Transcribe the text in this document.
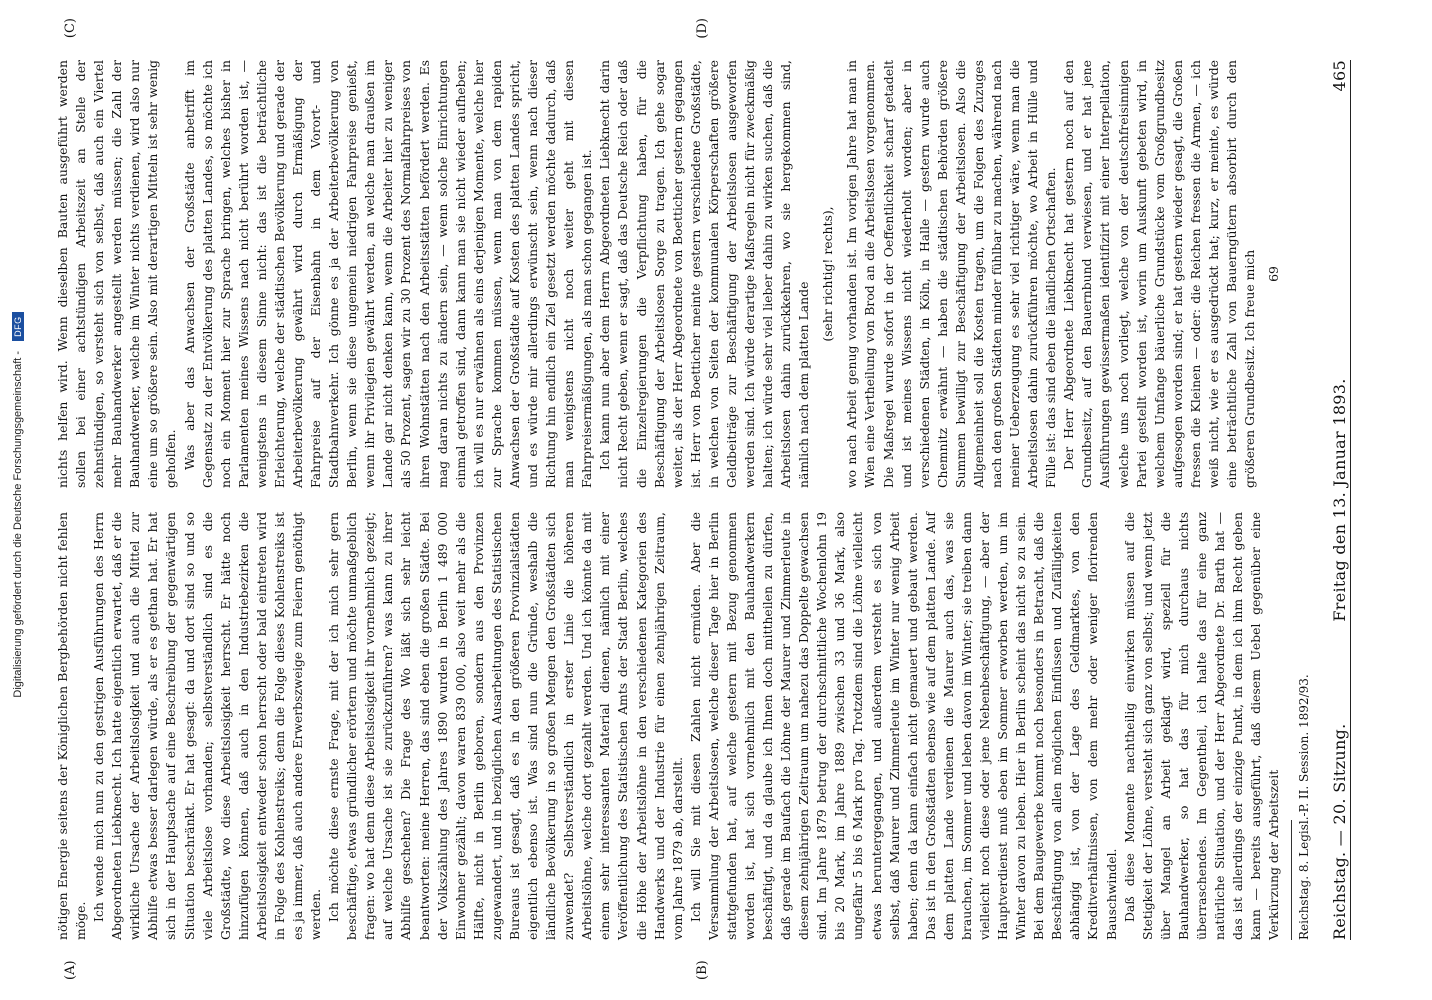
Digitalisierung gefördert durch die Deutsche Forschungsgemeinschaft -
DFG
(A)	(B)

nötigen Energie seitens der Königlichen Bergbehörden nicht fehlen möge. Ich wende mich nun zu den gestrigen Ausführungen des Herrn Abgeordneten Liebknecht. Ich hatte eigentlich erwartet, daß er die wirkliche Ursache der Arbeitslosigkeit und auch die Mittel zur Abhilfe etwas besser darlegen würde, als er es gethan hat. Er hat sich in der Hauptsache auf eine Beschreibung der gegenwärtigen Situation beschränkt. Er hat gesagt: da und dort sind so und so viele Arbeitslose vorhanden; selbstverständlich sind es die Großstädte, wo diese Arbeitslosigkeit herrscht. Er hätte noch hinzufügen können, daß auch in den Industriebezirken die Arbeitslosigkeit entweder schon herrscht oder bald eintreten wird in Folge des Kohlenstreiks; denn die Folge dieses Kohlenstreiks ist es ja immer, daß auch andere Erwerbszweige zum Feiern genöthigt werden. Ich möchte diese ernste Frage, mit der ich mich sehr gern beschäftige, etwas gründlicher erörtern und möchte unmaßgeblich fragen: wo hat denn diese Arbeitslosigkeit ihr vornehmlich gezeigt; auf welche Ursache ist sie zurückzuführen? was kann zu ihrer Abhilfe geschehen? Die Frage des Wo läßt sich sehr leicht beantworten: meine Herren, das sind eben die großen Städte. Bei der Volkszählung des Jahres 1890 wurden in Berlin 1 489 000 Einwohner gezählt; davon waren 839 000, also weit mehr als die Hälfte, nicht in Berlin geboren, sondern aus den Provinzen zugewandert, und in bezüglichen Ausarbeitungen des Statistischen Bureaus ist gesagt, daß es in den größeren Provinzialstädten eigentlich ebenso ist. Was sind nun die Gründe, weshalb die ländliche Bevölkerung in so großen Mengen den Großstädten sich zuwendet? Selbstverständlich in erster Linie die höheren Arbeitslöhne, welche dort gezahlt werden. Und ich könnte da mit einem sehr interessanten Material dienen, nämlich mit einer Veröffentlichung des Statistischen Amts der Stadt Berlin, welches die Höhe der Arbeitslöhne in den verschiedenen Kategorien des Handwerks und der Industrie für einen zehnjährigen Zeitraum, vom Jahre 1879 ab, darstellt. Ich will Sie mit diesen Zahlen nicht ermüden. Aber die Versammlung der Arbeitslosen, welche dieser Tage hier in Berlin stattgefunden hat, auf welche gestern mit Bezug genommen worden ist, hat sich vornehmlich mit den Bauhandwerkern beschäftigt, und da glaube ich Ihnen doch mittheilen zu dürfen, daß gerade im Baufach die Löhne der Maurer und Zimmerleute in diesem zehnjährigen Zeitraum um nahezu das Doppelte gewachsen sind. Im Jahre 1879 betrug der durchschnittliche Wochenlohn 19 bis 20 Mark, im Jahre 1889 zwischen 33 und 36 Mark, also ungefähr 5 bis 6 Mark pro Tag. Trotzdem sind die Löhne vielleicht etwas heruntergegangen, und außerdem versteht es sich von selbst, daß Maurer und Zimmerleute im Winter nur wenig Arbeit haben; denn da kann einfach nicht gemauert und gebaut werden. Das ist in den Großstädten ebenso wie auf dem platten Lande. Auf dem platten Lande verdienen die Maurer auch das, was sie brauchen, im Sommer und leben davon im Winter; sie treiben dann vielleicht noch diese oder jene Nebenbeschäftigung, — aber der Hauptverdienst muß eben im Sommer erworben werden, um im Winter davon zu leben. Hier in Berlin scheint das nicht so zu sein. Bei dem Baugewerbe kommt noch besonders in Betracht, daß die Beschäftigung von allen möglichen Einflüssen und Zufälligkeiten abhängig ist, von der Lage des Geldmarktes, von den Kreditverhältnissen, von dem mehr oder weniger florirenden Bauschwindel. Daß diese Momente nachtheilig einwirken müssen auf die Stetigkeit der Löhne, versteht sich ganz von selbst; und wenn jetzt über Mangel an Arbeit geklagt wird, speziell für die Bauhandwerker, so hat das für mich durchaus nichts überraschendes. Im Gegentheil, ich halte das für eine ganz natürliche Situation, und der Herr Abgeordnete Dr. Barth hat — das ist allerdings der einzige Punkt, in dem ich ihm Recht geben kann — bereits ausgeführt, daß diesem Uebel gegenüber eine Verkürzung der Arbeitszeit Reichstag. 8. Legisl.-P. II. Session. 1892/93.
(C)	(D)

nichts helfen wird. Wenn dieselben Bauten ausgeführt werden sollen bei einer achtstündigen Arbeitszeit an Stelle der zehnstündigen, so versteht sich von selbst, daß auch ein Viertel mehr Bauhandwerker angestellt werden müssen; die Zahl der Bauhandwerker, welche im Winter nichts verdienen, wird also nur eine um so größere sein. Also mit derartigen Mitteln ist sehr wenig geholfen. Was aber das Anwachsen der Großstädte anbetrifft im Gegensatz zu der Entvölkerung des platten Landes, so möchte ich noch ein Moment hier zur Sprache bringen, welches bisher in Parlamenten meines Wissens nach nicht berührt worden ist, — wenigstens in diesem Sinne nicht: das ist die beträchtliche Erleichterung, welche der städtischen Bevölkerung und gerade der Arbeiterbevölkerung gewährt wird durch Ermäßigung der Fahrpreise auf der Eisenbahn in dem Vorort- und Stadtbahnverkehr. Ich gönne es ja der Arbeiterbevölkerung von Berlin, wenn sie diese ungemein niedrigen Fahrpreise genießt, wenn ihr Privilegien gewährt werden, an welche man draußen im Lande gar nicht denken kann, wenn die Arbeiter hier zu weniger als 50 Prozent, sagen wir zu 30 Prozent des Normalfahrpreises von ihren Wohnstätten nach den Arbeitsstätten befördert werden. Es mag daran nichts zu ändern sein, — wenn solche Einrichtungen einmal getroffen sind, dann kann man sie nicht wieder aufheben; ich will es nur erwähnen als eins derjenigen Momente, welche hier zur Sprache kommen müssen, wenn man von dem rapiden Anwachsen der Großstädte auf Kosten des platten Landes spricht, und es würde mir allerdings erwünscht sein, wenn nach dieser Richtung hin endlich ein Ziel gesetzt werden möchte dadurch, daß man wenigstens nicht noch weiter geht mit diesen Fahrpreisermäßigungen, als man schon gegangen ist. Ich kann nun aber dem Herrn Abgeordneten Liebknecht darin nicht Recht geben, wenn er sagt, daß das Deutsche Reich oder daß die Einzelregierungen die Verpflichtung haben, für die Beschäftigung der Arbeitslosen Sorge zu tragen. Ich gehe sogar weiter, als der Herr Abgeordnete von Boetticher gestern gegangen ist. Herr von Boetticher meinte gestern verschiedene Großstädte, in welchen von Seiten der kommunalen Körperschaften größere Geldbeiträge zur Beschäftigung der Arbeitslosen ausgeworfen werden sind. Ich würde derartige Maßregeln nicht für zweckmäßig halten; ich würde sehr viel lieber dahin zu wirken suchen, daß die Arbeitslosen dahin zurückkehren, wo sie hergekommen sind, nämlich nach dem platten Lande

(sehr richtig! rechts), wo nach Arbeit genug vorhanden ist. Im vorigen Jahre hat man in Wien eine Vertheilung von Brod an die Arbeitslosen vorgenommen. Die Maßregel wurde sofort in der Oeffentlichkeit scharf getadelt und ist meines Wissens nicht wiederholt worden; aber in verschiedenen Städten, in Köln, in Halle — gestern wurde auch Chemnitz erwähnt — haben die städtischen Behörden größere Summen bewilligt zur Beschäftigung der Arbeitslosen. Also die Allgemeinheit soll die Kosten tragen, um die Folgen des Zuzuges nach den großen Städten minder fühlbar zu machen, während nach meiner Ueberzeugung es sehr viel richtiger wäre, wenn man die Arbeitslosen dahin zurückführen möchte, wo Arbeit in Hülle und Fülle ist: das sind eben die ländlichen Ortschaften. Der Herr Abgeordnete Liebknecht hat gestern noch auf den Grundbesitz, auf den Bauernbund verwiesen, und er hat jene Ausführungen gewissermaßen identifizirt mit einer Interpellation, welche uns noch vorliegt, welche von der deutschfreisinnigen Partei gestellt worden ist, worin um Auskunft gebeten wird, in welchem Umfange bäuerliche Grundstücke vom Großgrundbesitz aufgesogen worden sind; er hat gestern wieder gesagt, die Großen fressen die Kleinen — oder: die Reichen fressen die Armen, — ich weiß nicht, wie er es ausgedrückt hat; kurz, er meinte, es würde eine beträchtliche Zahl von Bauerngütern absorbirt durch den größeren Grundbesitz. Ich freue mich 69

Reichstag. — 20. Sitzung.
Freitag den 13. Januar 1893.
465
